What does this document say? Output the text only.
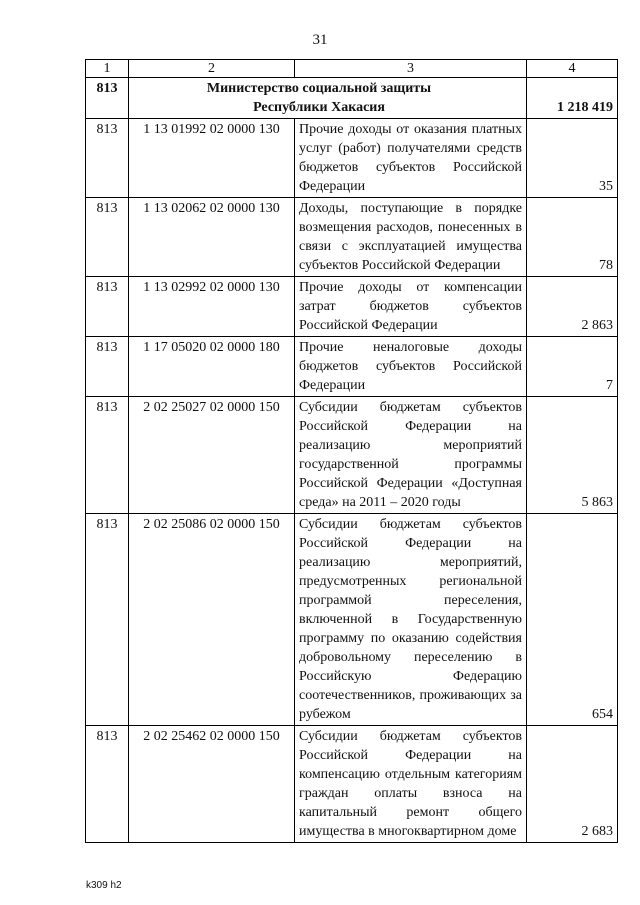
31
1	2	3	4
813	Министерство социальной защиты Республики Хакасия		1 218 419
813	1 13 01992 02 0000 130	Прочие доходы от оказания платных услуг (работ) получателями средств бюджетов субъектов Российской Федерации	35
813	1 13 02062 02 0000 130	Доходы, поступающие в порядке возмещения расходов, понесенных в связи с эксплуатацией имущества субъектов Российской Федерации	78
813	1 13 02992 02 0000 130	Прочие доходы от компенсации затрат бюджетов субъектов Российской Федерации	2 863
813	1 17 05020 02 0000 180	Прочие неналоговые доходы бюджетов субъектов Российской Федерации	7
813	2 02 25027 02 0000 150	Субсидии бюджетам субъектов Российской Федерации на реализацию мероприятий государственной программы Российской Федерации «Доступная среда» на 2011 – 2020 годы	5 863
813	2 02 25086 02 0000 150	Субсидии бюджетам субъектов Российской Федерации на реализацию мероприятий, предусмотренных региональной программой переселения, включенной в Государственную программу по оказанию содействия добровольному переселению в Российскую Федерацию соотечественников, проживающих за рубежом	654
813	2 02 25462 02 0000 150	Субсидии бюджетам субъектов Российской Федерации на компенсацию отдельным категориям граждан оплаты взноса на капитальный ремонт общего имущества в многоквартирном доме	2 683
k309 h2
